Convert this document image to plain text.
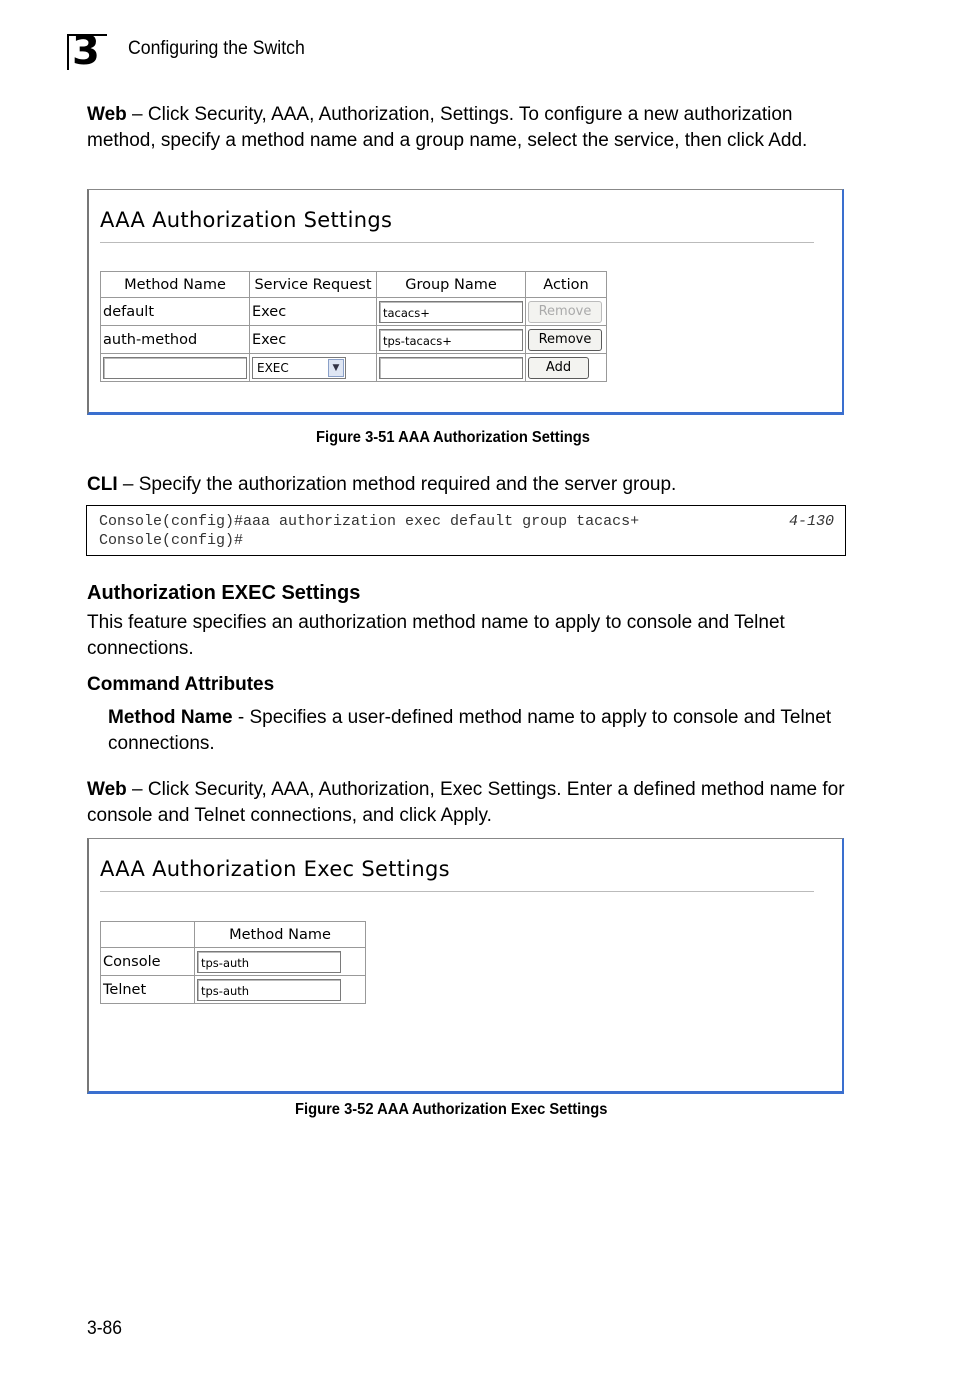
3 Configuring the Switch
Web – Click Security, AAA, Authorization, Settings. To configure a new authorization method, specify a method name and a group name, select the service, then click Add.
AAA Authorization Settings
Method Name	Service Request	Group Name	Action
default	Exec	tacacs+	Remove
auth-method	Exec	tps-tacacs+	Remove
	EXEC ▼		Add
Figure 3-51 AAA Authorization Settings
CLI – Specify the authorization method required and the server group.
Console(config)#aaa authorization exec default group tacacs+
Console(config)#
4-130
Authorization EXEC Settings
This feature specifies an authorization method name to apply to console and Telnet connections.
Command Attributes
Method Name - Specifies a user-defined method name to apply to console and Telnet connections.
Web – Click Security, AAA, Authorization, Exec Settings. Enter a defined method name for console and Telnet connections, and click Apply.
AAA Authorization Exec Settings
	Method Name
Console	tps-auth
Telnet	tps-auth
Figure 3-52 AAA Authorization Exec Settings
3-86
